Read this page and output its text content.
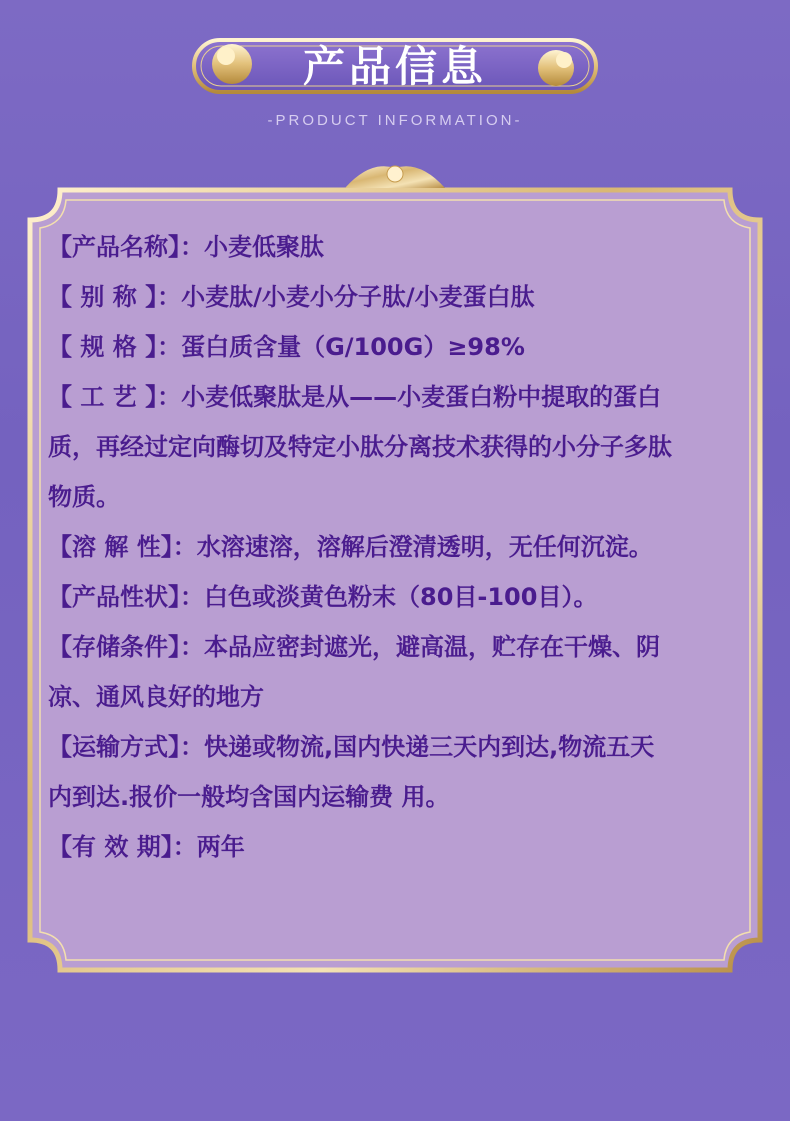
产品信息
-PRODUCT INFORMATION-

【产品名称】：小麦低聚肽

【 别 称 】：小麦肽/小麦小分子肽/小麦蛋白肽

【 规 格 】：蛋白质含量（G/100G）≥98%

【 工 艺 】：小麦低聚肽是从——小麦蛋白粉中提取的蛋白

质，再经过定向酶切及特定小肽分离技术获得的小分子多肽

物质。

【溶 解 性】：水溶速溶，溶解后澄清透明，无任何沉淀。

【产品性状】：白色或淡黄色粉末（80目-100目）。

【存储条件】：本品应密封遮光，避高温，贮存在干燥、阴

凉、通风良好的地方

【运输方式】：快递或物流,国内快递三天内到达,物流五天

内到达.报价一般均含国内运输费 用。

【有 效 期】：两年
